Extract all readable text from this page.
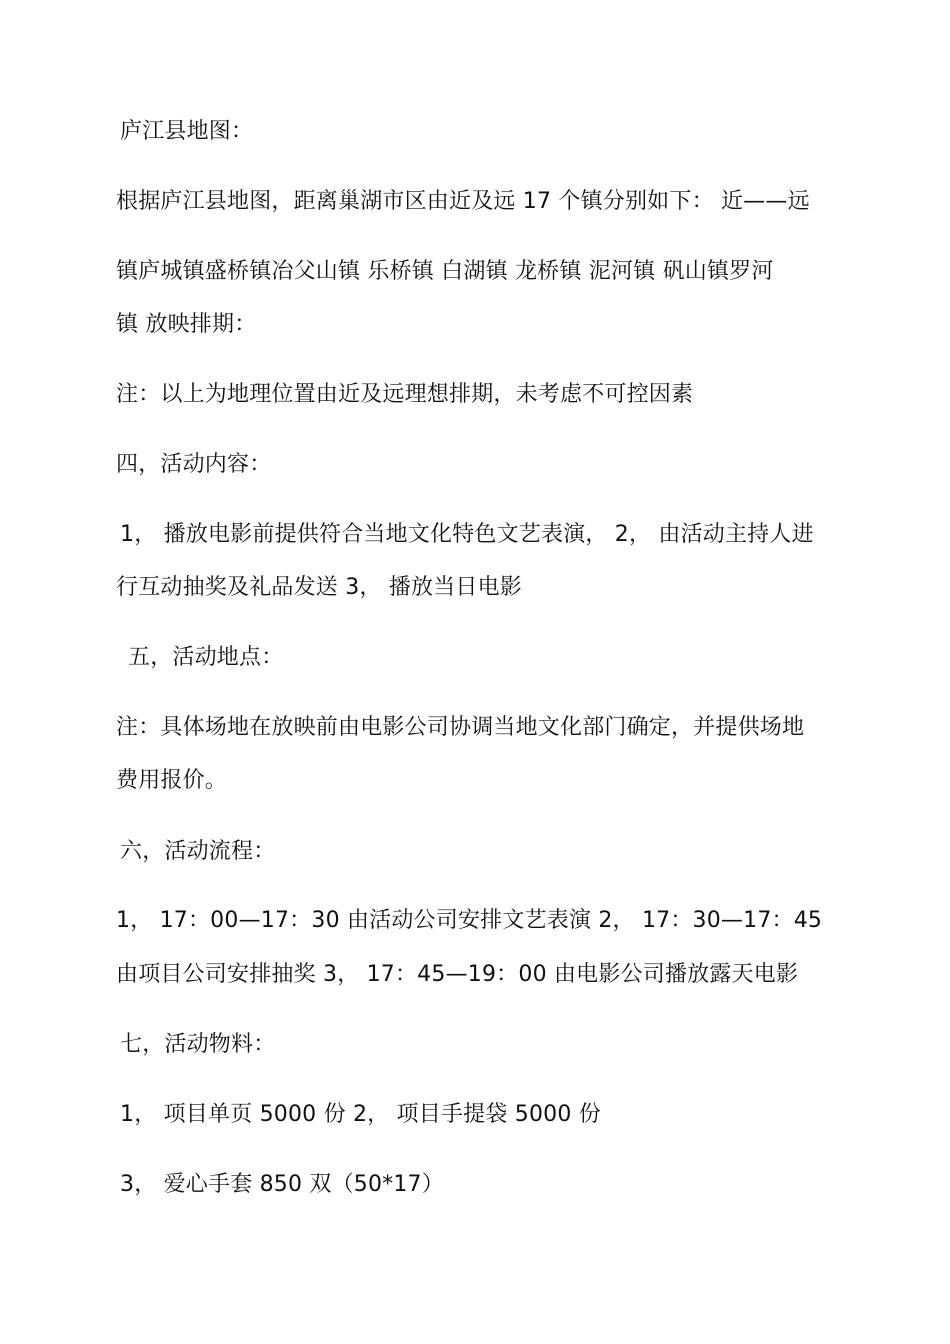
庐江县地图：
根据庐江县地图，距离巢湖市区由近及远 17 个镇分别如下： 近——远
镇庐城镇盛桥镇冶父山镇 乐桥镇 白湖镇 龙桥镇 泥河镇 矾山镇罗河
镇 放映排期：
注：以上为地理位置由近及远理想排期，未考虑不可控因素
四，活动内容：
1， 播放电影前提供符合当地文化特色文艺表演， 2， 由活动主持人进
行互动抽奖及礼品发送 3， 播放当日电影
五，活动地点：
注：具体场地在放映前由电影公司协调当地文化部门确定，并提供场地
费用报价。
六，活动流程：
1， 17：00—17：30 由活动公司安排文艺表演 2， 17：30—17：45
由项目公司安排抽奖 3， 17：45—19：00 由电影公司播放露天电影
七，活动物料：
1， 项目单页 5000 份 2， 项目手提袋 5000 份
3， 爱心手套 850 双（50*17）
